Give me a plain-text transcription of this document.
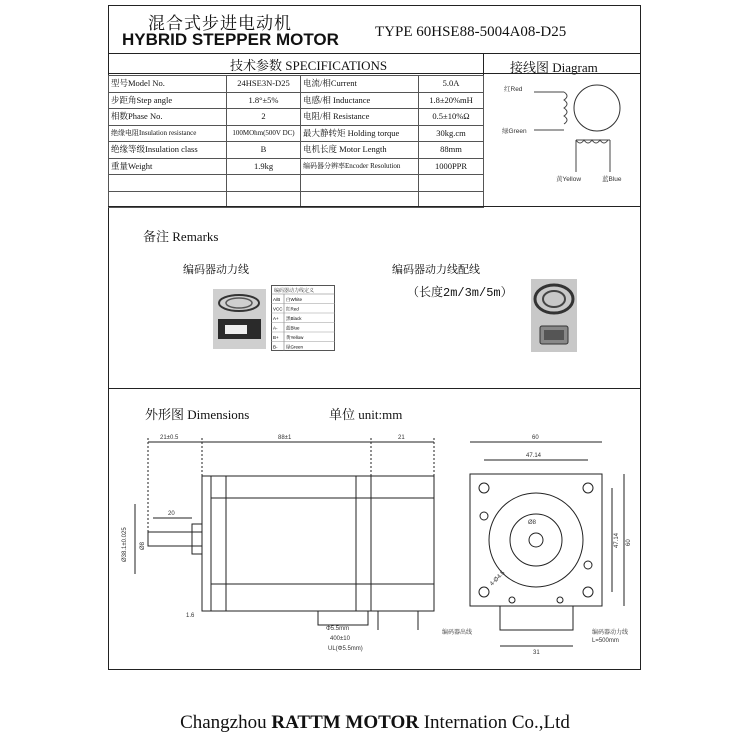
混合式步进电动机
HYBRID STEPPER MOTOR TYPE 60HSE88-5004A08-D25
技术参数 SPECIFICATIONS	接线图 Diagram
型号Model No.	24HSE3N-D25	电流/相Current	5.0A
步距角Step angle	1.8°±5%	电感/相 Inductance	1.8±20%mH
相数Phase No.	2	电阻/相 Resistance	0.5±10%Ω
绝缘电阻Insulation resistance	100MOhm(500V DC)	最大静转矩 Holding torque	30kg.cm
绝缘等级Insulation class	B	电机长度 Motor Length	88mm
重量Weight	1.9kg	编码器分辨率Encoder Resolution	1000PPR

红Red
绿Green
黄Yellow	蓝Blue
备注 Remarks
编码器动力线	编码器动力线配线
（长度2m/3m/5m）
编码器动力线定义
A/B 白White
VCC 红Red
A+ 黑Black
A- 蓝Blue
B+ 黄Yellow
B- 绿Green
外形图 Dimensions	单位 unit:mm
21±0.5	88±1	21
20
Ø38.1±0.025 Ø8
1.6
Φ5.5mm
400±10
UL(Φ5.5mm)
60
47.14
60
47.14
4-Ø4.5
Ø8
31
编码器出线	编码器动力线
L=500mm
Changzhou RATTM MOTOR Internation Co.,Ltd
